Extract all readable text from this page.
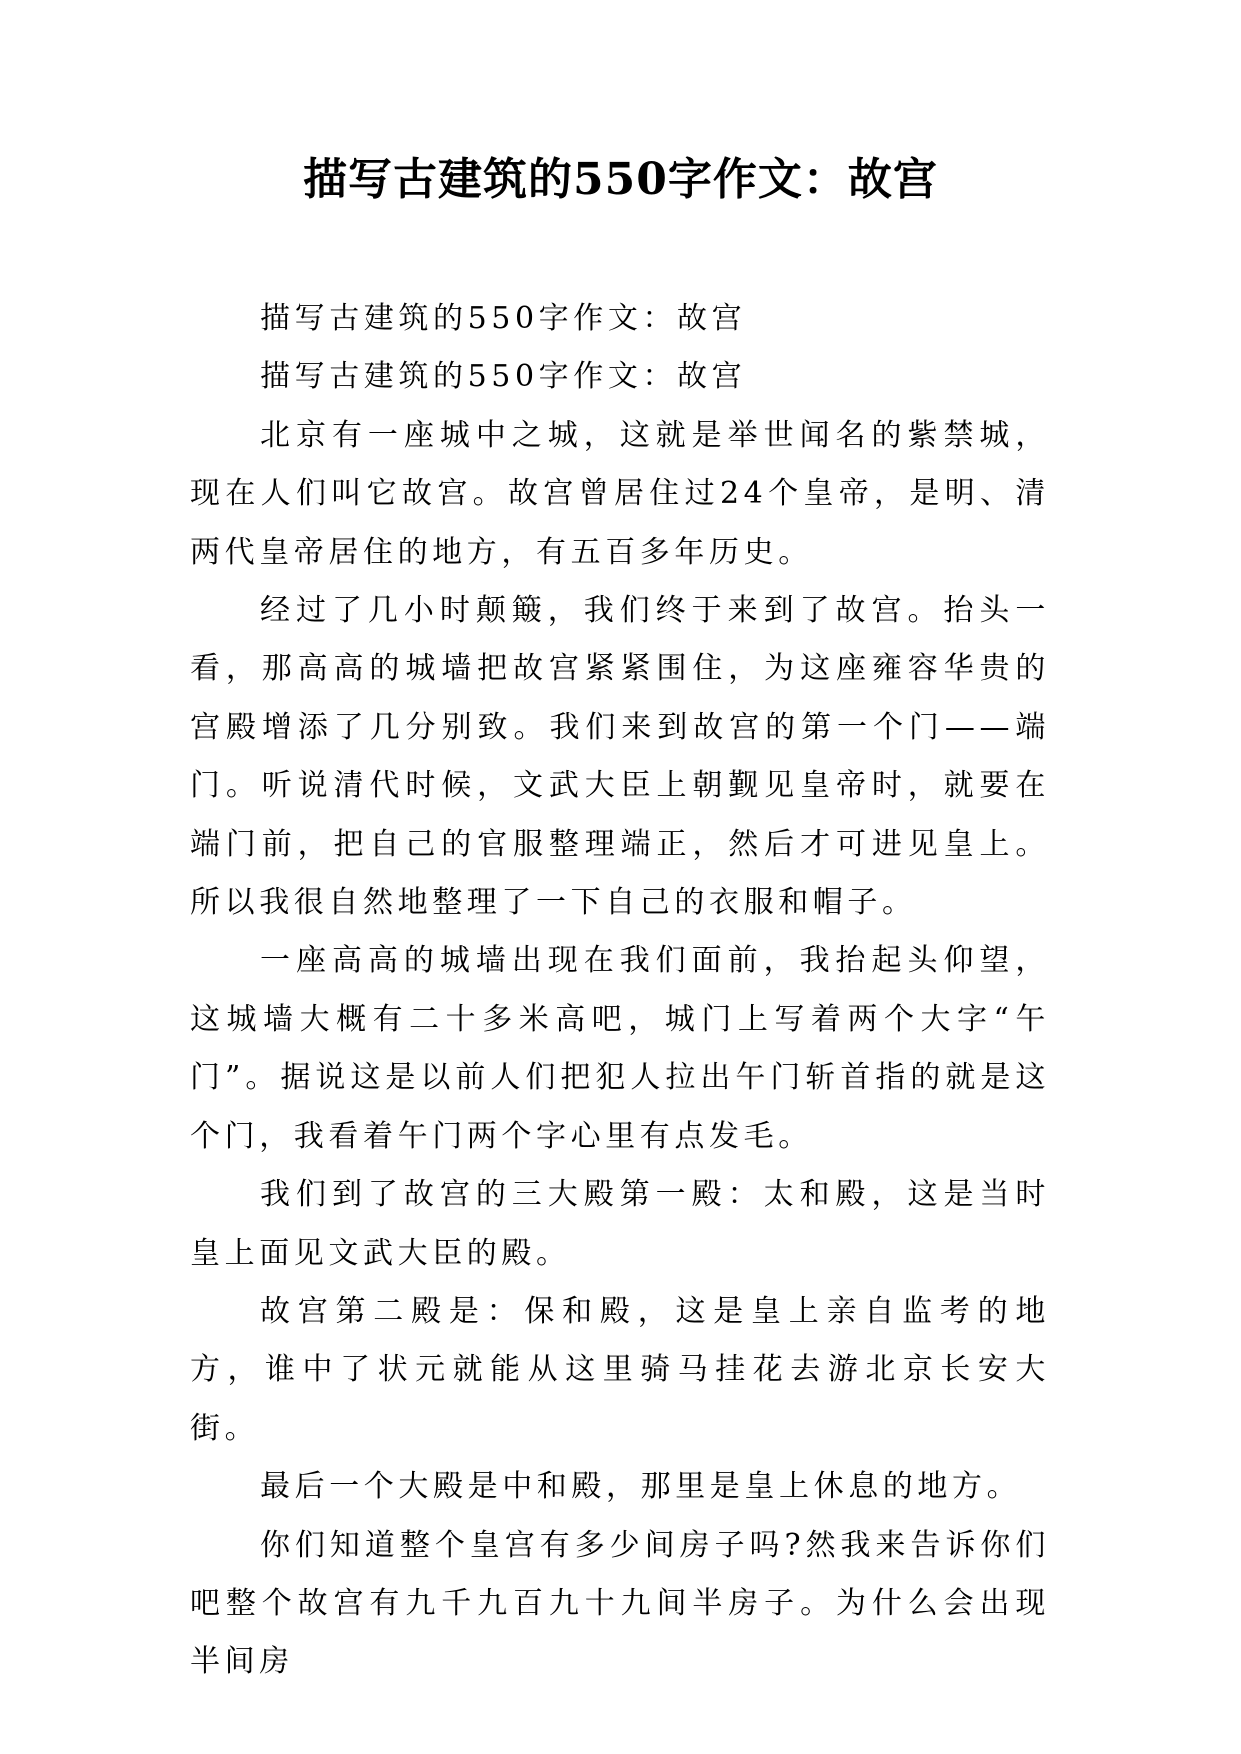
描写古建筑的550字作文：故宫

描写古建筑的550字作文：故宫

描写古建筑的550字作文：故宫

北京有一座城中之城，这就是举世闻名的紫禁城，现在人们叫它故宫。故宫曾居住过24个皇帝，是明、清两代皇帝居住的地方，有五百多年历史。

经过了几小时颠簸，我们终于来到了故宫。抬头一看，那高高的城墙把故宫紧紧围住，为这座雍容华贵的宫殿增添了几分别致。我们来到故宫的第一个门——端门。听说清代时候，文武大臣上朝觐见皇帝时，就要在端门前，把自己的官服整理端正，然后才可进见皇上。所以我很自然地整理了一下自己的衣服和帽子。

一座高高的城墙出现在我们面前，我抬起头仰望，这城墙大概有二十多米高吧，城门上写着两个大字“午门”。据说这是以前人们把犯人拉出午门斩首指的就是这个门，我看着午门两个字心里有点发毛。

我们到了故宫的三大殿第一殿：太和殿，这是当时皇上面见文武大臣的殿。

故宫第二殿是：保和殿，这是皇上亲自监考的地方，谁中了状元就能从这里骑马挂花去游北京长安大街。

最后一个大殿是中和殿，那里是皇上休息的地方。

你们知道整个皇宫有多少间房子吗?然我来告诉你们吧整个故宫有九千九百九十九间半房子。为什么会出现半间房
